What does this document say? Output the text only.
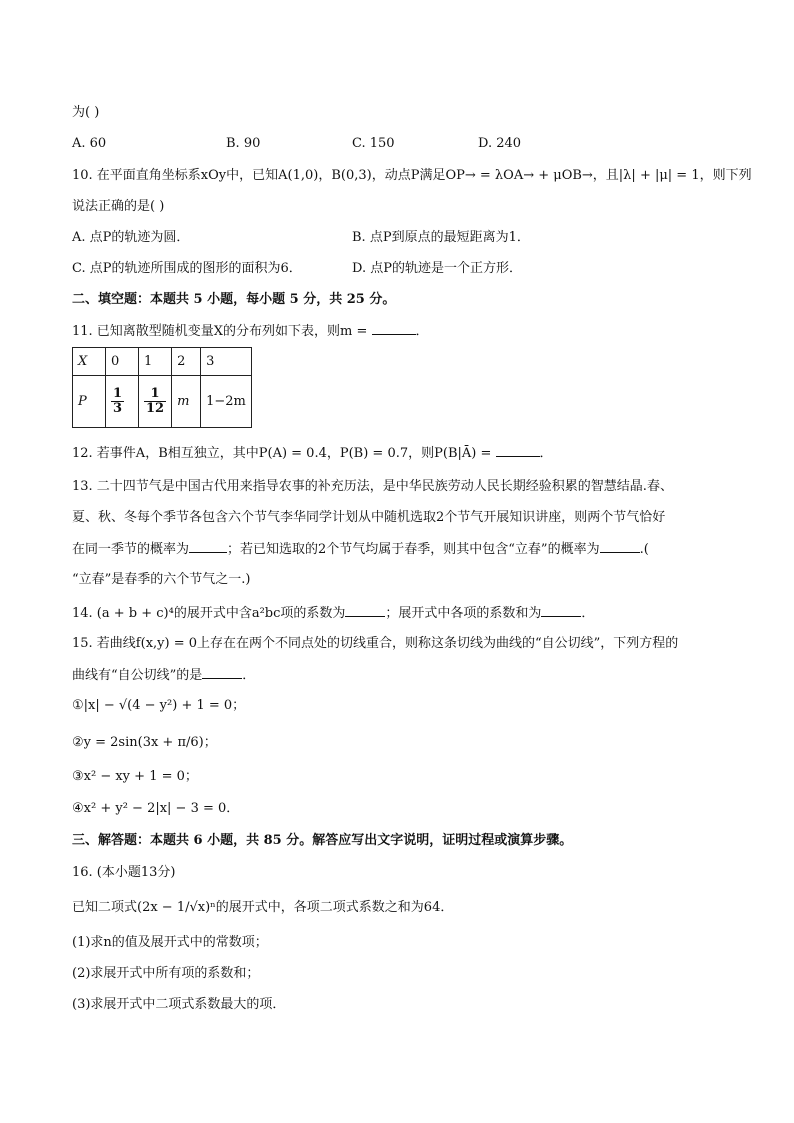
为( )
A. 60	B. 90	C. 150	D. 240
10. 在平面直角坐标系xOy中，已知A(1,0)，B(0,3)，动点P满足OP→ = λOA→ + μOB→，且|λ| + |μ| = 1，则下列
说法正确的是( )
A. 点P的轨迹为圆．	B. 点P到原点的最短距离为1．
C. 点P的轨迹所围成的图形的面积为6．	D. 点P的轨迹是一个正方形．
二、填空题：本题共 5 小题，每小题 5 分，共 25 分。
11. 已知离散型随机变量X的分布列如下表，则m =	．
X	0	1	2	3
P	$\frac{1}{3}$	$\frac{1}{12}$	m	1−2m
12. 若事件A，B相互独立，其中P(A) = 0.4，P(B) = 0.7，则P(B|Ā) =	．
13. 二十四节气是中国古代用来指导农事的补充历法，是中华民族劳动人民长期经验积累的智慧结晶.春、
夏、秋、冬每个季节各包含六个节气李华同学计划从中随机选取2个节气开展知识讲座，则两个节气恰好
在同一季节的概率为	；若已知选取的2个节气均属于春季，则其中包含“立春”的概率为	.(
“立春”是春季的六个节气之一.)
14. (a + b + c)⁴的展开式中含a²bc项的系数为	；展开式中各项的系数和为	．
15. 若曲线f(x,y) = 0上存在在两个不同点处的切线重合，则称这条切线为曲线的“自公切线”，下列方程的
曲线有“自公切线”的是	．
①|x| − √(4 − y²) + 1 = 0；
②y = 2sin(3x + π/6)；
③x² − xy + 1 = 0；
④x² + y² − 2|x| − 3 = 0．
三、解答题：本题共 6 小题，共 85 分。解答应写出文字说明，证明过程或演算步骤。
16. (本小题13分)
已知二项式(2x − 1/√x)ⁿ的展开式中，各项二项式系数之和为64．
(1)求n的值及展开式中的常数项；
(2)求展开式中所有项的系数和；
(3)求展开式中二项式系数最大的项．
